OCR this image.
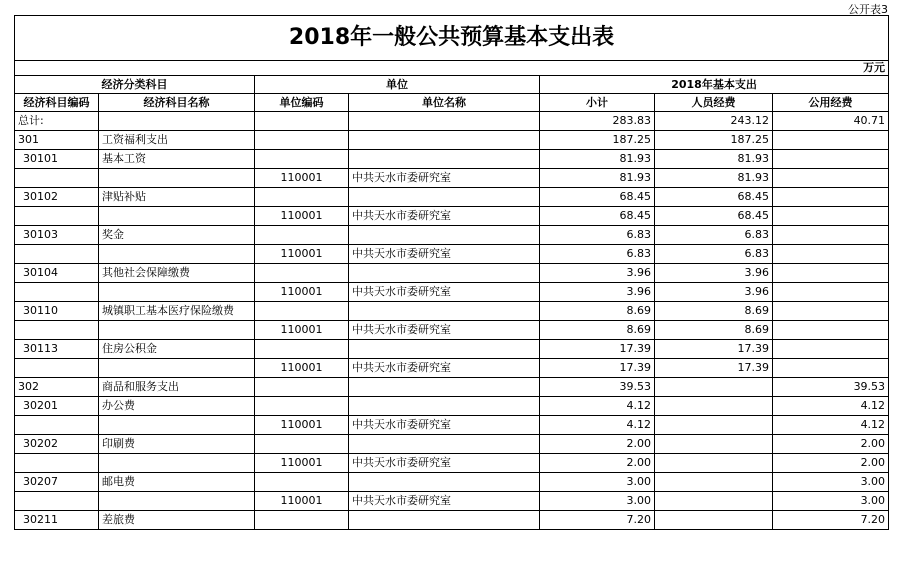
公开表3
2018年一般公共预算基本支出表						
万元						
经济分类科目		单位		2018年基本支出		
经济科目编码	经济科目名称	单位编码	单位名称	小计	人员经费	公用经费
总计:				283.83	243.12	40.71
301	工资福利支出			187.25	187.25	
30101	基本工资			81.93	81.93	
		110001	中共天水市委研究室	81.93	81.93	
30102	津贴补贴			68.45	68.45	
		110001	中共天水市委研究室	68.45	68.45	
30103	奖金			6.83	6.83	
		110001	中共天水市委研究室	6.83	6.83	
30104	其他社会保障缴费			3.96	3.96	
		110001	中共天水市委研究室	3.96	3.96	
30110	城镇职工基本医疗保险缴费			8.69	8.69	
		110001	中共天水市委研究室	8.69	8.69	
30113	住房公积金			17.39	17.39	
		110001	中共天水市委研究室	17.39	17.39	
302	商品和服务支出			39.53		39.53
30201	办公费			4.12		4.12
		110001	中共天水市委研究室	4.12		4.12
30202	印刷费			2.00		2.00
		110001	中共天水市委研究室	2.00		2.00
30207	邮电费			3.00		3.00
		110001	中共天水市委研究室	3.00		3.00
30211	差旅费			7.20		7.20
